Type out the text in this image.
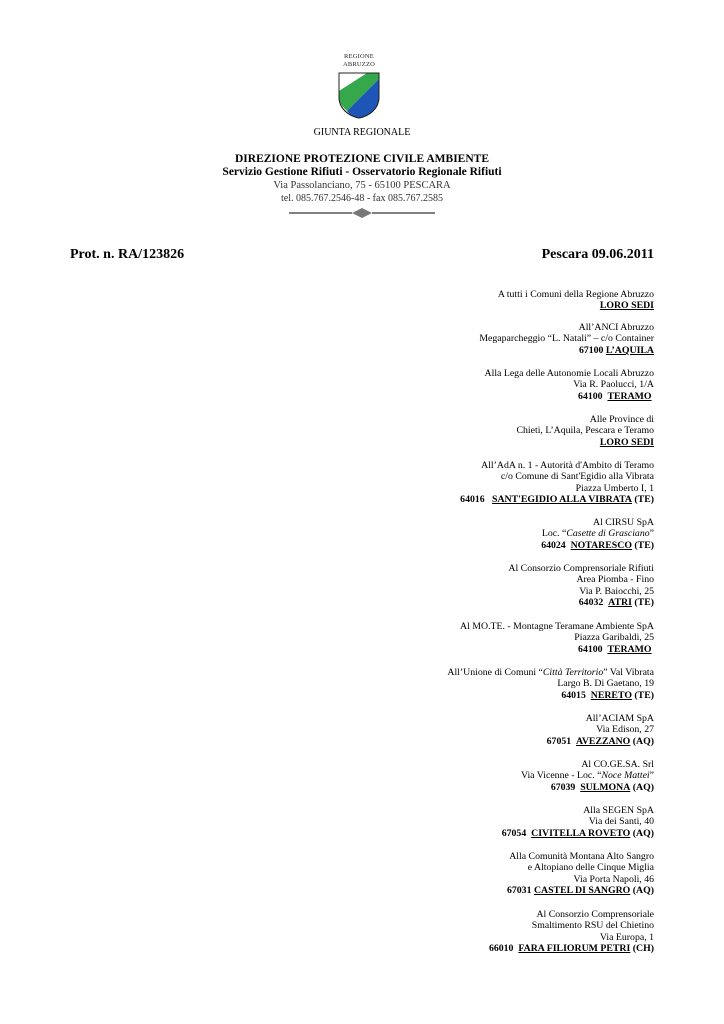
REGIONE
ABRUZZO
GIUNTA REGIONALE
DIREZIONE PROTEZIONE CIVILE AMBIENTE
Servizio Gestione Rifiuti - Osservatorio Regionale Rifiuti
Via Passolanciano, 75 - 65100 PESCARA
tel. 085.767.2546-48 - fax 085.767.2585
Prot. n. RA/123826	Pescara 09.06.2011
A tutti i Comuni della Regione Abruzzo
LORO SEDI
All’ANCI Abruzzo
Megaparcheggio “L. Natali” – c/o Container
67100 L’AQUILA
Alla Lega delle Autonomie Locali Abruzzo
Via R. Paolucci, 1/A
64100 TERAMO
Alle Province di
Chieti, L’Aquila, Pescara e Teramo
LORO SEDI
All’AdA n. 1 - Autorità d'Ambito di Teramo
c/o Comune di Sant'Egidio alla Vibrata
Piazza Umberto I, 1
64016 SANT'EGIDIO ALLA VIBRATA (TE)
Al CIRSU SpA
Loc. “Casette di Grasciano”
64024 NOTARESCO (TE)
Al Consorzio Comprensoriale Rifiuti
Area Piomba - Fino
Via P. Baiocchi, 25
64032 ATRI (TE)
Al MO.TE. - Montagne Teramane Ambiente SpA
Piazza Garibaldi, 25
64100 TERAMO
All’Unione di Comuni “Città Territorio” Val Vibrata
Largo B. Di Gaetano, 19
64015 NERETO (TE)
All’ACIAM SpA
Via Edison, 27
67051 AVEZZANO (AQ)
Al CO.GE.SA. Srl
Via Vicenne - Loc. “Noce Mattei”
67039 SULMONA (AQ)
Alla SEGEN SpA
Via dei Santi, 40
67054 CIVITELLA ROVETO (AQ)
Alla Comunità Montana Alto Sangro
e Altopiano delle Cinque Miglia
Via Porta Napoli, 46
67031 CASTEL DI SANGRO (AQ)
Al Consorzio Comprensoriale
Smaltimento RSU del Chietino
Via Europa, 1
66010 FARA FILIORUM PETRI (CH)
